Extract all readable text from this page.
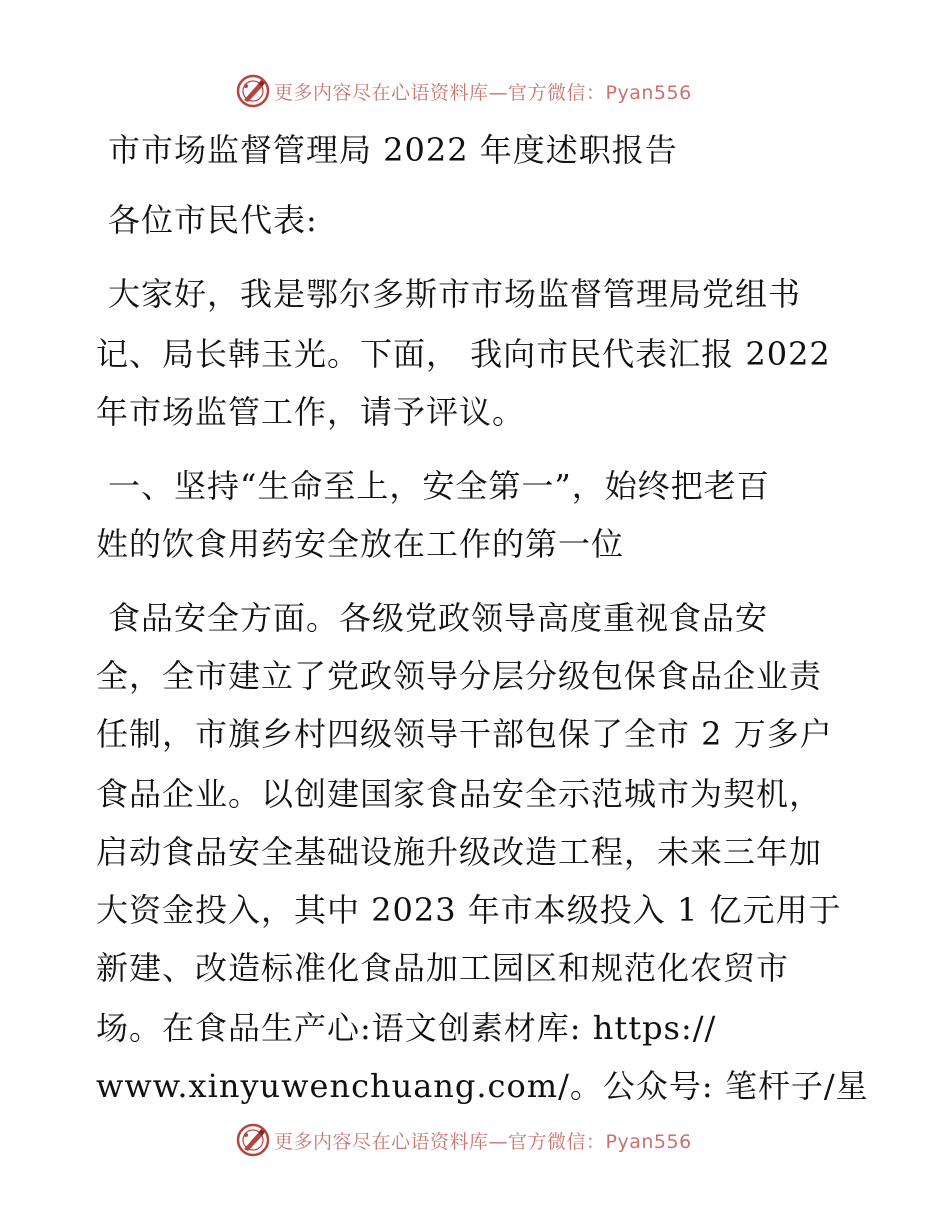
更多内容尽在心语资料库—官方微信：Pyan556
市市场监督管理局 2022 年度述职报告
各位市民代表:
大家好，我是鄂尔多斯市市场监督管理局党组书
记、局长韩玉光。下面， 我向市民代表汇报 2022
年市场监管工作，请予评议。
一、坚持“生命至上，安全第一”，始终把老百
姓的饮食用药安全放在工作的第一位
食品安全方面。各级党政领导高度重视食品安
全，全市建立了党政领导分层分级包保食品企业责
任制，市旗乡村四级领导干部包保了全市 2 万多户
食品企业。以创建国家食品安全示范城市为契机，
启动食品安全基础设施升级改造工程，未来三年加
大资金投入，其中 2023 年市本级投入 1 亿元用于
新建、改造标准化食品加工园区和规范化农贸市
场。在食品生产心:语文创素材库: https://
www.xinyuwenchuang.com/。公众号: 笔杆子/星
更多内容尽在心语资料库—官方微信：Pyan556
